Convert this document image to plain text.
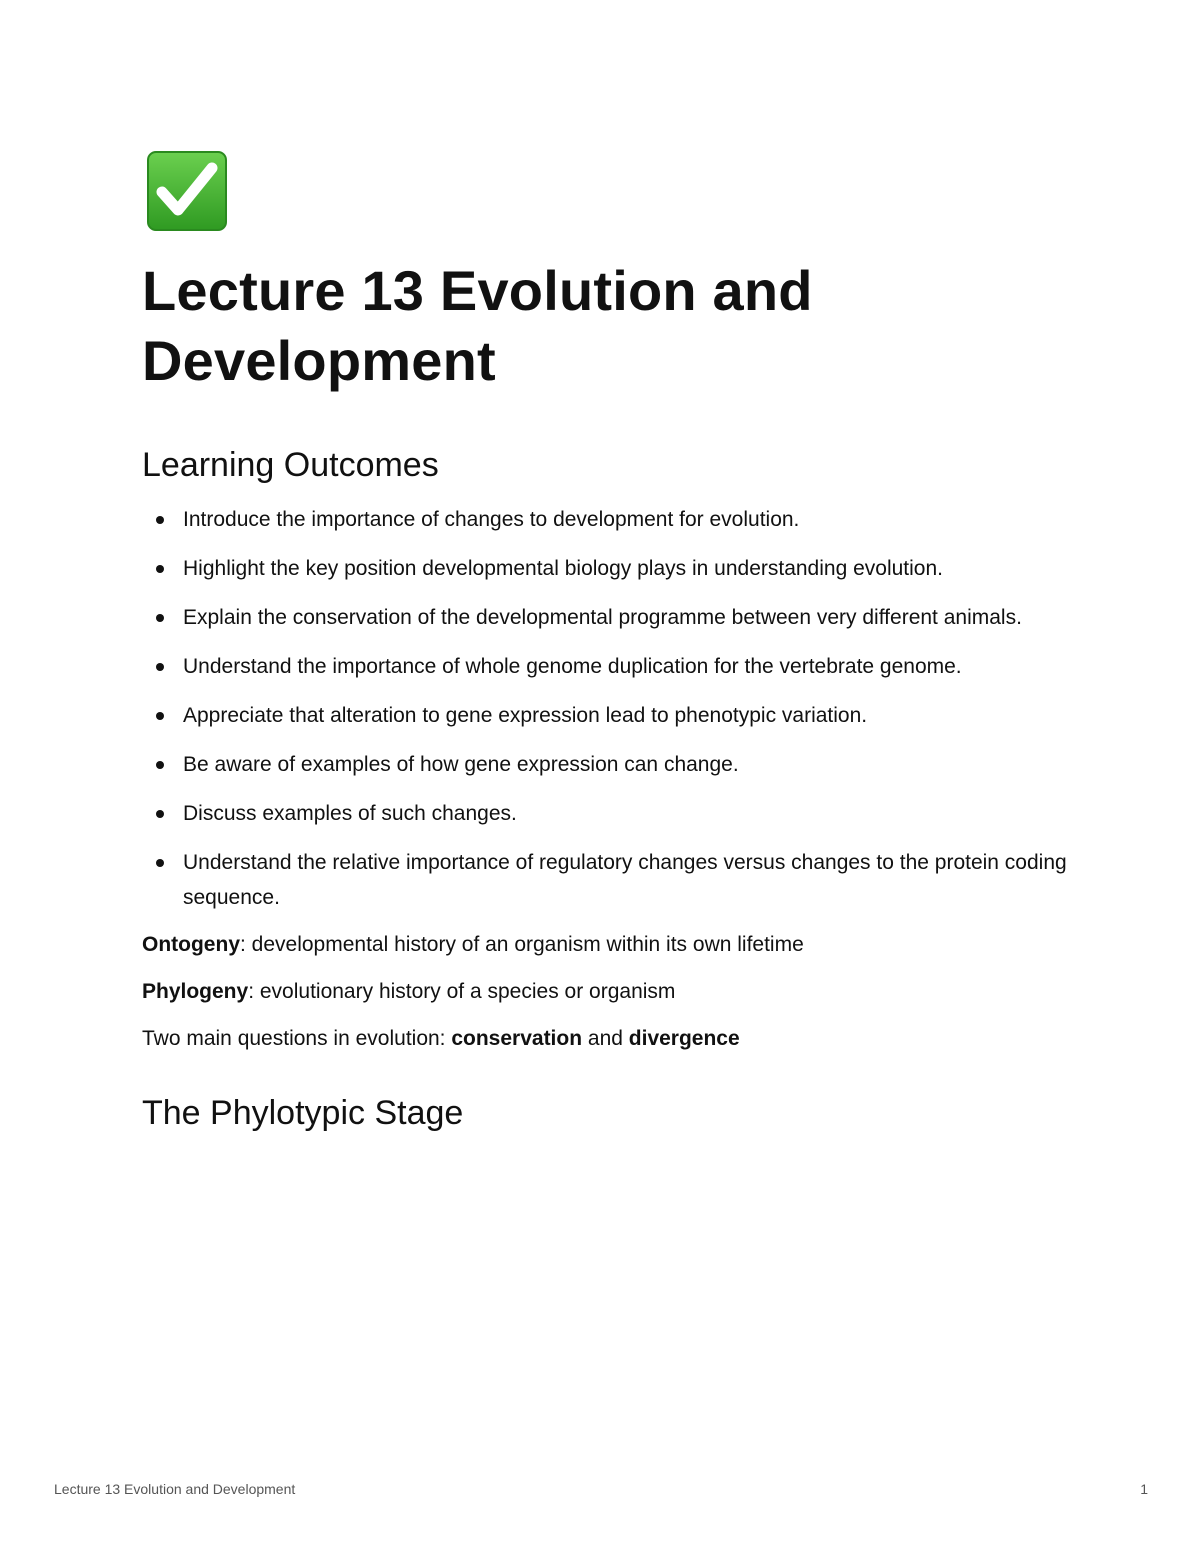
Lecture 13 Evolution and Development
Learning Outcomes
Introduce the importance of changes to development for evolution.
Highlight the key position developmental biology plays in understanding evolution.
Explain the conservation of the developmental programme between very different animals.
Understand the importance of whole genome duplication for the vertebrate genome.
Appreciate that alteration to gene expression lead to phenotypic variation.
Be aware of examples of how gene expression can change.
Discuss examples of such changes.
Understand the relative importance of regulatory changes versus changes to the protein coding sequence.

Ontogeny: developmental history of an organism within its own lifetime

Phylogeny: evolutionary history of a species or organism

Two main questions in evolution: conservation and divergence

The Phylotypic Stage
Lecture 13 Evolution and Development	1
